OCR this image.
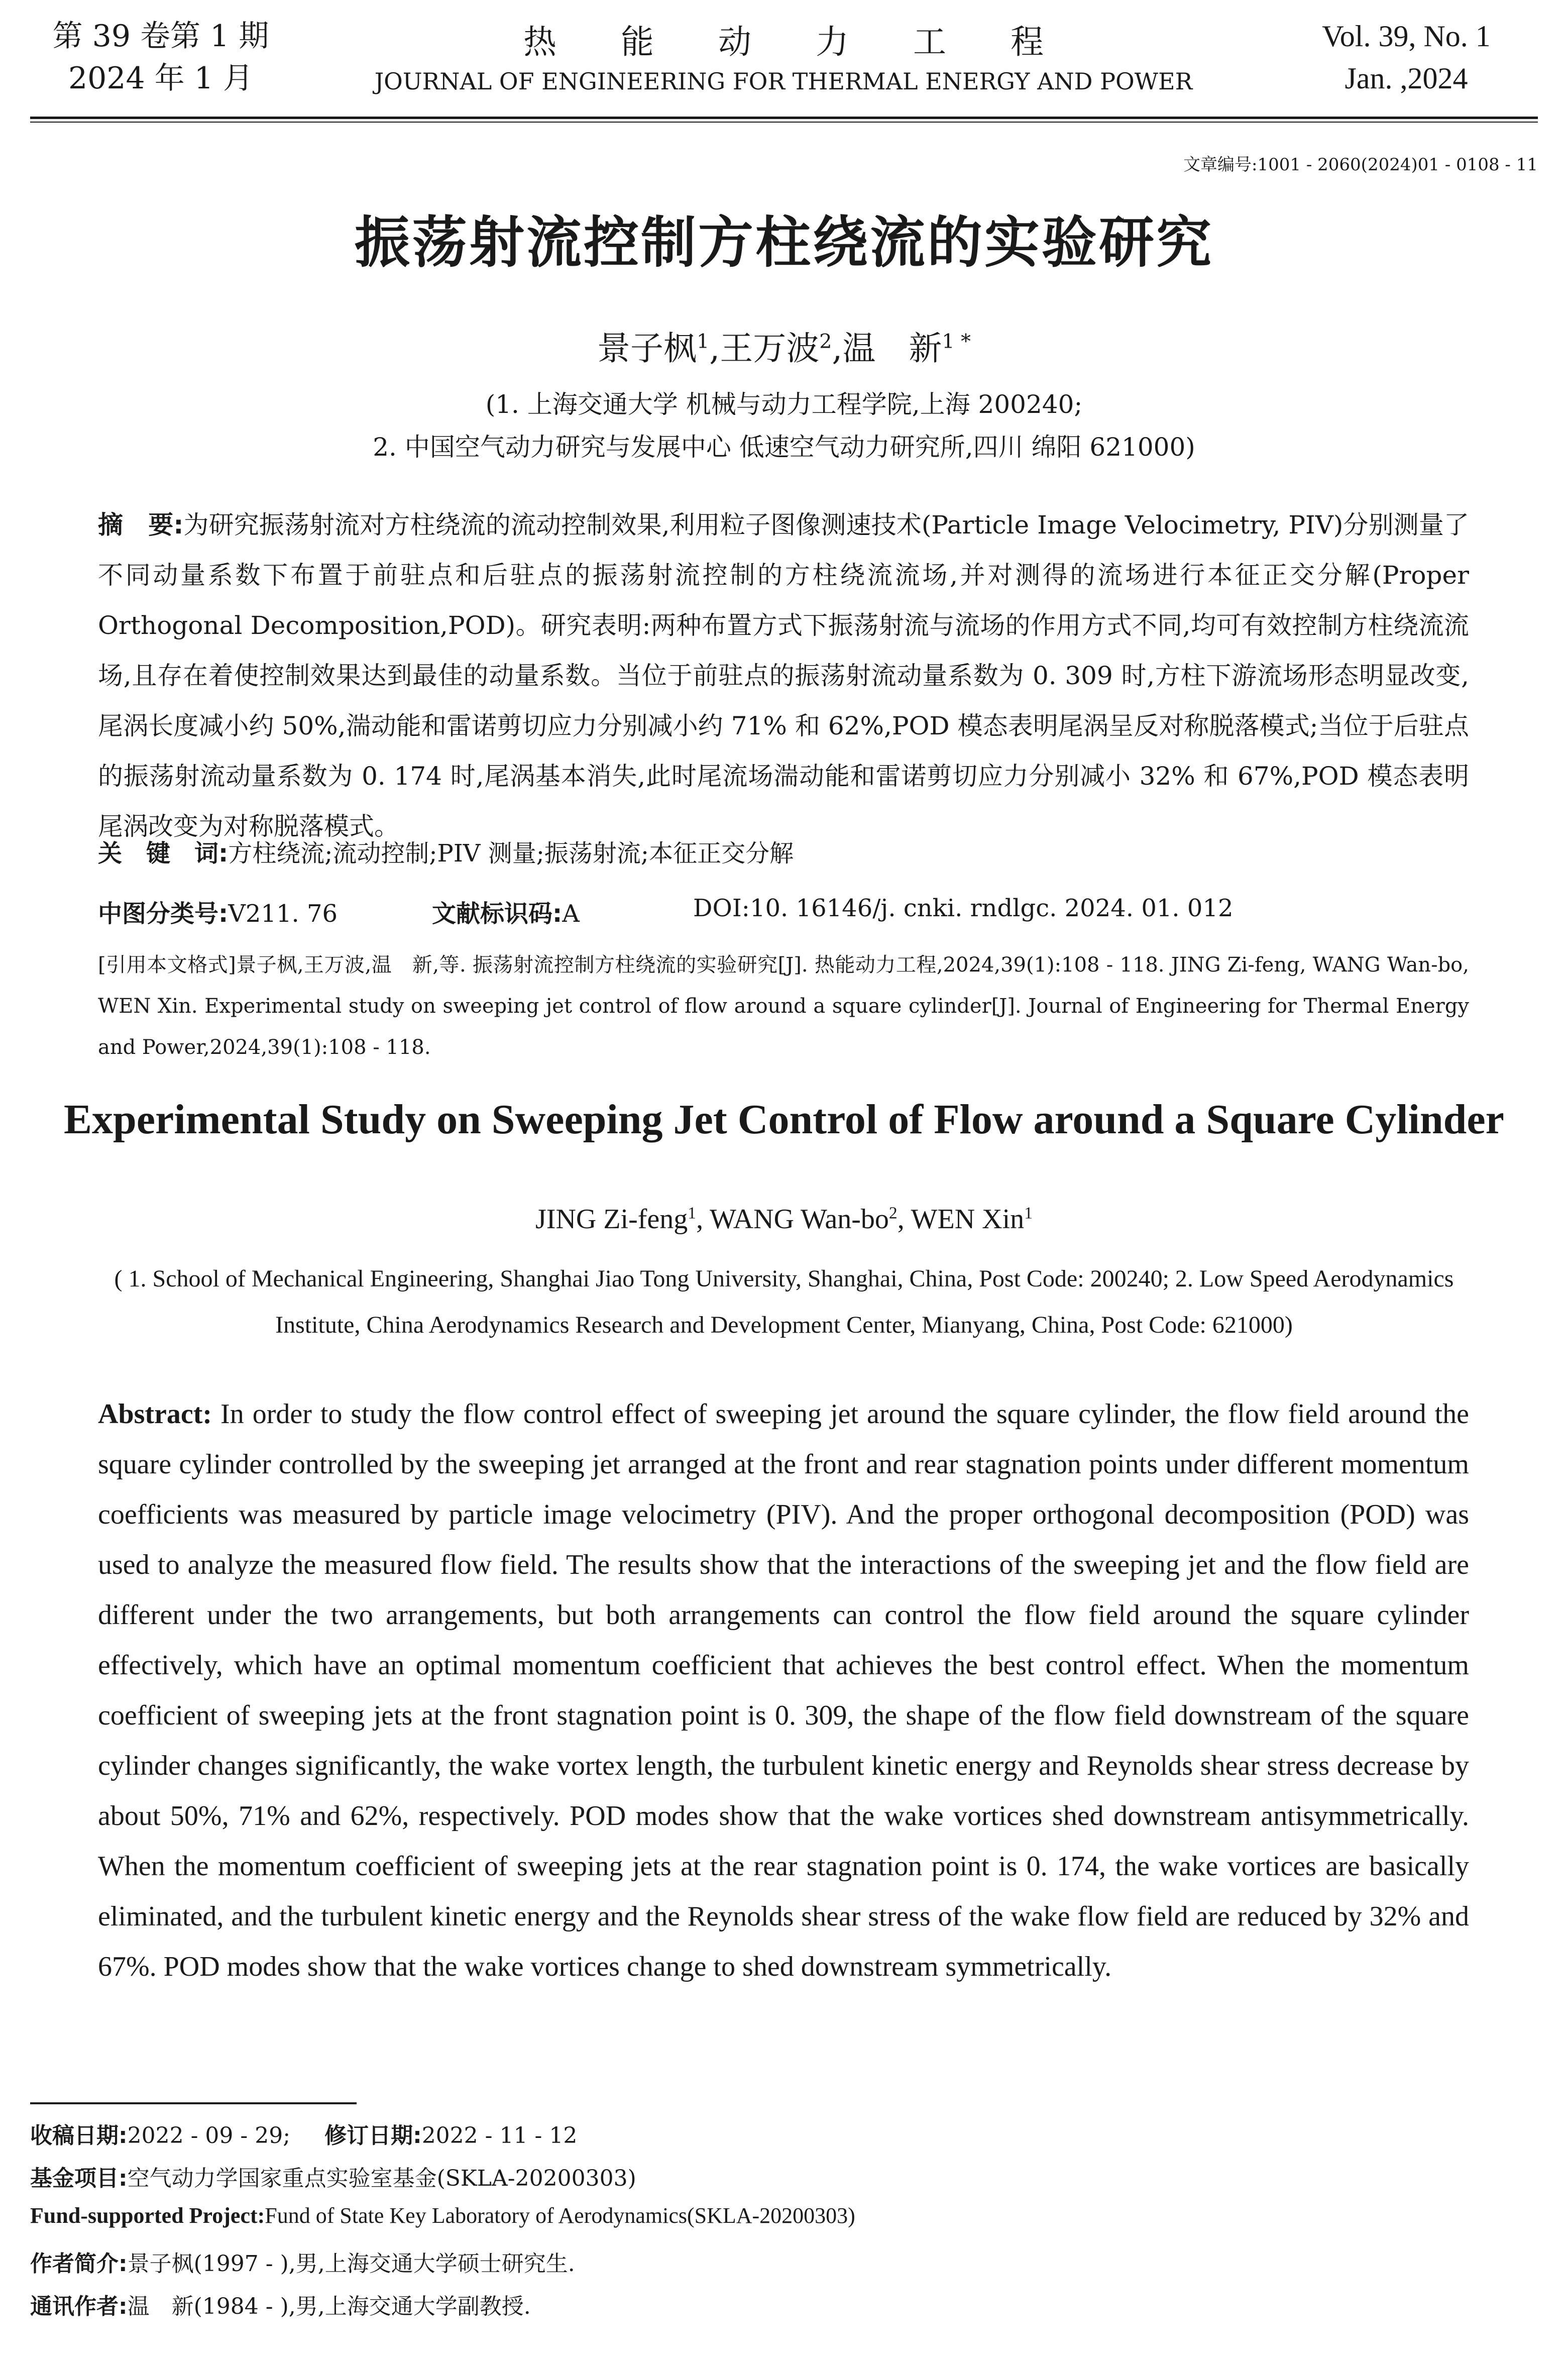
第 39 卷第 1 期
2024 年 1 月
热能动力工程
JOURNAL OF ENGINEERING FOR THERMAL ENERGY AND POWER
Vol. 39, No. 1
Jan. ,2024
文章编号:1001 - 2060(2024)01 - 0108 - 11
振荡射流控制方柱绕流的实验研究
景子枫$^1$,王万波$^2$,温　新$^{1 *}$
(1. 上海交通大学 机械与动力工程学院,上海 200240;
2. 中国空气动力研究与发展中心 低速空气动力研究所,四川 绵阳 621000)
摘　要:为研究振荡射流对方柱绕流的流动控制效果,利用粒子图像测速技术(Particle Image Velocimetry, PIV)分别测量了不同动量系数下布置于前驻点和后驻点的振荡射流控制的方柱绕流流场,并对测得的流场进行本征正交分解(Proper Orthogonal Decomposition,POD)。研究表明:两种布置方式下振荡射流与流场的作用方式不同,均可有效控制方柱绕流流场,且存在着使控制效果达到最佳的动量系数。当位于前驻点的振荡射流动量系数为 0. 309 时,方柱下游流场形态明显改变,尾涡长度减小约 50%,湍动能和雷诺剪切应力分别减小约 71% 和 62%,POD 模态表明尾涡呈反对称脱落模式;当位于后驻点的振荡射流动量系数为 0. 174 时,尾涡基本消失,此时尾流场湍动能和雷诺剪切应力分别减小 32% 和 67%,POD 模态表明尾涡改变为对称脱落模式。
关　键　词:方柱绕流;流动控制;PIV 测量;振荡射流;本征正交分解
中图分类号:V211. 76	文献标识码:A	DOI:10. 16146/j. cnki. rndlgc. 2024. 01. 012
[引用本文格式]景子枫,王万波,温　新,等. 振荡射流控制方柱绕流的实验研究[J]. 热能动力工程,2024,39(1):108 - 118. JING Zi-feng, WANG Wan-bo, WEN Xin. Experimental study on sweeping jet control of flow around a square cylinder[J]. Journal of Engineering for Thermal Energy and Power,2024,39(1):108 - 118.
Experimental Study on Sweeping Jet Control of Flow around a Square Cylinder
JING Zi-feng$^1$, WANG Wan-$bo^2$, WEN Xin$^1$
( 1. School of Mechanical Engineering, Shanghai Jiao Tong University, Shanghai, China, Post Code: 200240; 2. Low Speed Aerodynamics Institute, China Aerodynamics Research and Development Center, Mianyang, China, Post Code: 621000)
Abstract: In order to study the flow control effect of sweeping jet around the square cylinder, the flow field around the square cylinder controlled by the sweeping jet arranged at the front and rear stagnation points under different momentum coefficients was measured by particle image velocimetry (PIV). And the proper orthogonal decomposition (POD) was used to analyze the measured flow field. The results show that the interactions of the sweeping jet and the flow field are different under the two arrangements, but both arrangements can control the flow field around the square cylinder effectively, which have an optimal momentum coefficient that achieves the best control effect. When the momentum coefficient of sweeping jets at the front stagnation point is 0. 309, the shape of the flow field downstream of the square cylinder changes significantly, the wake vortex length, the turbulent kinetic energy and Reynolds shear stress decrease by about 50%, 71% and 62%, respectively. POD modes show that the wake vortices shed downstream antisymmetrically. When the momentum coefficient of sweeping jets at the rear stagnation point is 0. 174, the wake vortices are basically eliminated, and the turbulent kinetic energy and the Reynolds shear stress of the wake flow field are reduced by 32% and 67%. POD modes show that the wake vortices change to shed downstream symmetrically.
收稿日期:2022 - 09 - 29; 修订日期:2022 - 11 - 12
基金项目:空气动力学国家重点实验室基金(SKLA-20200303)
Fund-supported Project:Fund of State Key Laboratory of Aerodynamics(SKLA-20200303)
作者简介:景子枫(1997 - ),男,上海交通大学硕士研究生.
通讯作者:温　新(1984 - ),男,上海交通大学副教授.
